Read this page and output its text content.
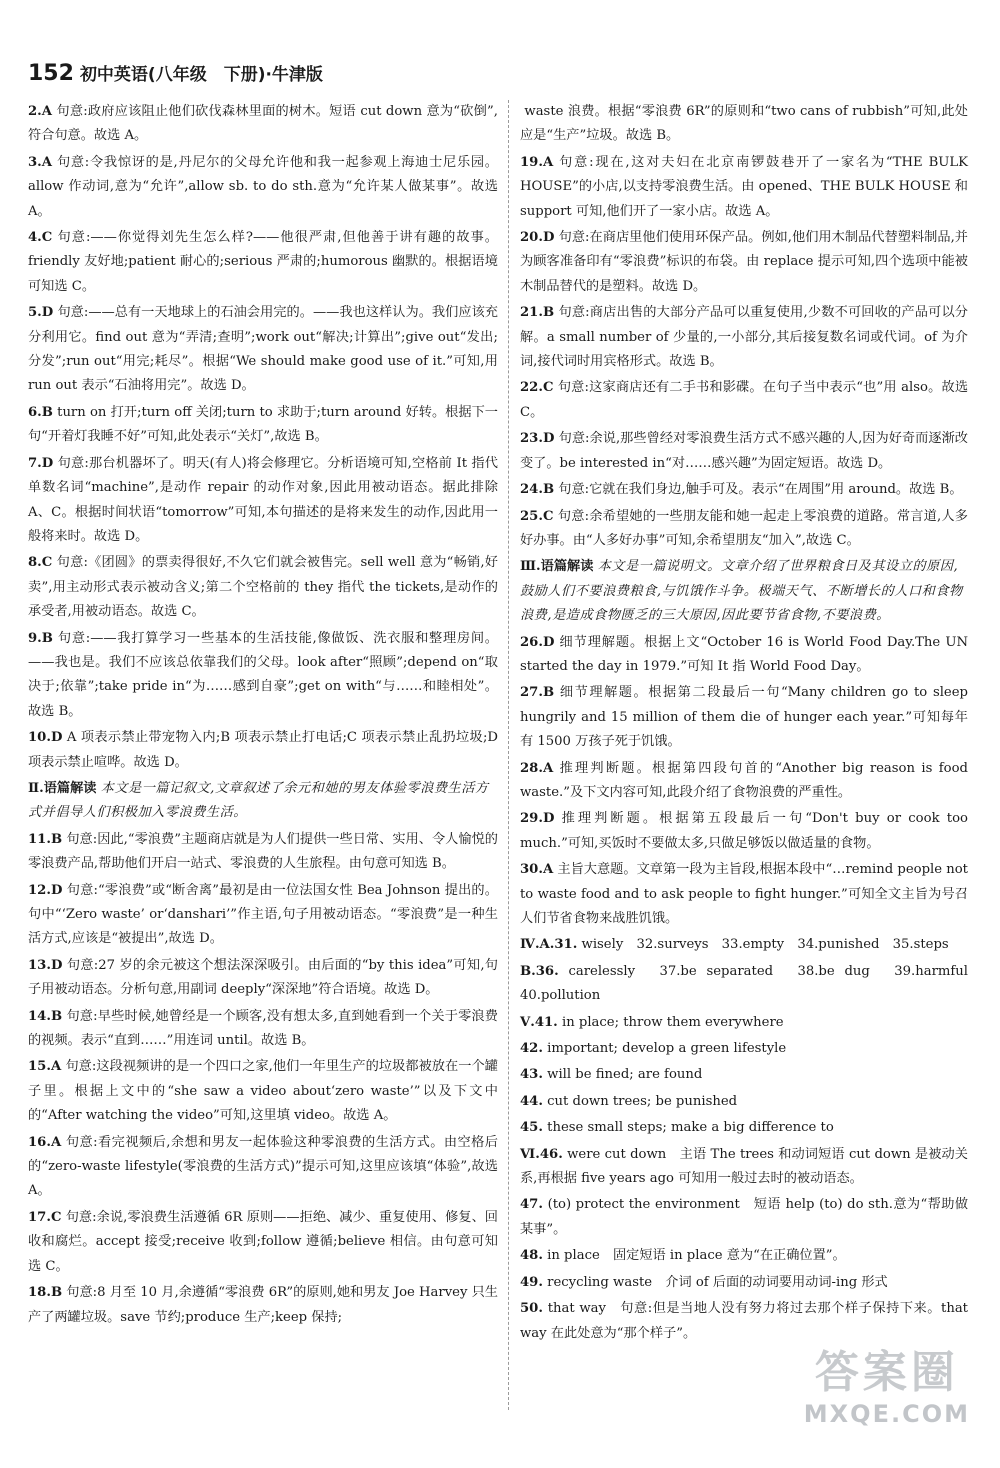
152 初中英语(八年级　下册)·牛津版
2.A 句意:政府应该阻止他们砍伐森林里面的树木。短语 cut down 意为“砍倒”,符合句意。故选 A。
3.A 句意:令我惊讶的是,丹尼尔的父母允许他和我一起参观上海迪士尼乐园。allow 作动词,意为“允许”,allow sb. to do sth.意为“允许某人做某事”。故选 A。
4.C 句意:——你觉得刘先生怎么样?——他很严肃,但他善于讲有趣的故事。friendly 友好地;patient 耐心的;serious 严肃的;humorous 幽默的。根据语境可知选 C。
5.D 句意:——总有一天地球上的石油会用完的。——我也这样认为。我们应该充分利用它。find out 意为“弄清;查明”;work out“解决;计算出”;give out“发出;分发”;run out“用完;耗尽”。根据“We should make good use of it.”可知,用 run out 表示“石油将用完”。故选 D。
6.B turn on 打开;turn off 关闭;turn to 求助于;turn around 好转。根据下一句“开着灯我睡不好”可知,此处表示“关灯”,故选 B。
7.D 句意:那台机器坏了。明天(有人)将会修理它。分析语境可知,空格前 It 指代单数名词“machine”,是动作 repair 的动作对象,因此用被动语态。据此排除 A、C。根据时间状语“tomorrow”可知,本句描述的是将来发生的动作,因此用一般将来时。故选 D。
8.C 句意:《团圆》的票卖得很好,不久它们就会被售完。sell well 意为“畅销,好卖”,用主动形式表示被动含义;第二个空格前的 they 指代 the tickets,是动作的承受者,用被动语态。故选 C。
9.B 句意:——我打算学习一些基本的生活技能,像做饭、洗衣服和整理房间。——我也是。我们不应该总依靠我们的父母。look after“照顾”;depend on“取决于;依靠”;take pride in“为……感到自豪”;get on with“与……和睦相处”。故选 B。
10.D A 项表示禁止带宠物入内;B 项表示禁止打电话;C 项表示禁止乱扔垃圾;D 项表示禁止喧哗。故选 D。
Ⅱ.语篇解读 本文是一篇记叙文,文章叙述了余元和她的男友体验零浪费生活方式并倡导人们积极加入零浪费生活。
11.B 句意:因此,“零浪费”主题商店就是为人们提供一些日常、实用、令人愉悦的零浪费产品,帮助他们开启一站式、零浪费的人生旅程。由句意可知选 B。
12.D 句意:“零浪费”或“断舍离”最初是由一位法国女性 Bea Johnson 提出的。句中“‘Zero waste’ or‘danshari’”作主语,句子用被动语态。“零浪费”是一种生活方式,应该是“被提出”,故选 D。
13.D 句意:27 岁的余元被这个想法深深吸引。由后面的“by this idea”可知,句子用被动语态。分析句意,用副词 deeply“深深地”符合语境。故选 D。
14.B 句意:早些时候,她曾经是一个顾客,没有想太多,直到她看到一个关于零浪费的视频。表示“直到……”用连词 until。故选 B。
15.A 句意:这段视频讲的是一个四口之家,他们一年里生产的垃圾都被放在一个罐子里。根据上文中的“she saw a video about‘zero waste’”以及下文中的“After watching the video”可知,这里填 video。故选 A。
16.A 句意:看完视频后,余想和男友一起体验这种零浪费的生活方式。由空格后的“zero-waste lifestyle(零浪费的生活方式)”提示可知,这里应该填“体验”,故选 A。
17.C 句意:余说,零浪费生活遵循 6R 原则——拒绝、减少、重复使用、修复、回收和腐烂。accept 接受;receive 收到;follow 遵循;believe 相信。由句意可知选 C。
18.B 句意:8 月至 10 月,余遵循“零浪费 6R”的原则,她和男友 Joe Harvey 只生产了两罐垃圾。save 节约;produce 生产;keep 保持;
waste 浪费。根据“零浪费 6R”的原则和“two cans of rubbish”可知,此处应是“生产”垃圾。故选 B。
19.A 句意:现在,这对夫妇在北京南锣鼓巷开了一家名为“THE BULK HOUSE”的小店,以支持零浪费生活。由 opened、THE BULK HOUSE 和 support 可知,他们开了一家小店。故选 A。
20.D 句意:在商店里他们使用环保产品。例如,他们用木制品代替塑料制品,并为顾客准备印有“零浪费”标识的布袋。由 replace 提示可知,四个选项中能被木制品替代的是塑料。故选 D。
21.B 句意:商店出售的大部分产品可以重复使用,少数不可回收的产品可以分解。a small number of 少量的,一小部分,其后接复数名词或代词。of 为介词,接代词时用宾格形式。故选 B。
22.C 句意:这家商店还有二手书和影碟。在句子当中表示“也”用 also。故选 C。
23.D 句意:余说,那些曾经对零浪费生活方式不感兴趣的人,因为好奇而逐渐改变了。be interested in“对……感兴趣”为固定短语。故选 D。
24.B 句意:它就在我们身边,触手可及。表示“在周围”用 around。故选 B。
25.C 句意:余希望她的一些朋友能和她一起走上零浪费的道路。常言道,人多好办事。由“人多好办事”可知,余希望朋友“加入”,故选 C。
Ⅲ.语篇解读 本文是一篇说明文。文章介绍了世界粮食日及其设立的原因,鼓励人们不要浪费粮食,与饥饿作斗争。极端天气、不断增长的人口和食物浪费,是造成食物匮乏的三大原因,因此要节省食物,不要浪费。
26.D 细节理解题。根据上文“October 16 is World Food Day.The UN started the day in 1979.”可知 It 指 World Food Day。
27.B 细节理解题。根据第二段最后一句“Many children go to sleep hungrily and 15 million of them die of hunger each year.”可知每年有 1500 万孩子死于饥饿。
28.A 推理判断题。根据第四段句首的“Another big reason is food waste.”及下文内容可知,此段介绍了食物浪费的严重性。
29.D 推理判断题。根据第五段最后一句“Don't buy or cook too much.”可知,买饭时不要做太多,只做足够饭以做适量的食物。
30.A 主旨大意题。文章第一段为主旨段,根据本段中“…remind people not to waste food and to ask people to fight hunger.”可知全文主旨为号召人们节省食物来战胜饥饿。
Ⅳ.A.31. wisely　32.surveys　33.empty　34.punished　35.steps
B.36. carelessly　37.be separated　38.be dug　39.harmful　40.pollution
Ⅴ.41. in place; throw them everywhere
42. important; develop a green lifestyle
43. will be fined; are found
44. cut down trees; be punished
45. these small steps; make a big difference to
Ⅵ.46. were cut down　主语 The trees 和动词短语 cut down 是被动关系,再根据 five years ago 可知用一般过去时的被动语态。
47. (to) protect the environment　短语 help (to) do sth.意为“帮助做某事”。
48. in place　固定短语 in place 意为“在正确位置”。
49. recycling waste　介词 of 后面的动词要用动词-ing 形式
50. that way　句意:但是当地人没有努力将过去那个样子保持下来。that way 在此处意为“那个样子”。
答案圈
MXQE.COM
